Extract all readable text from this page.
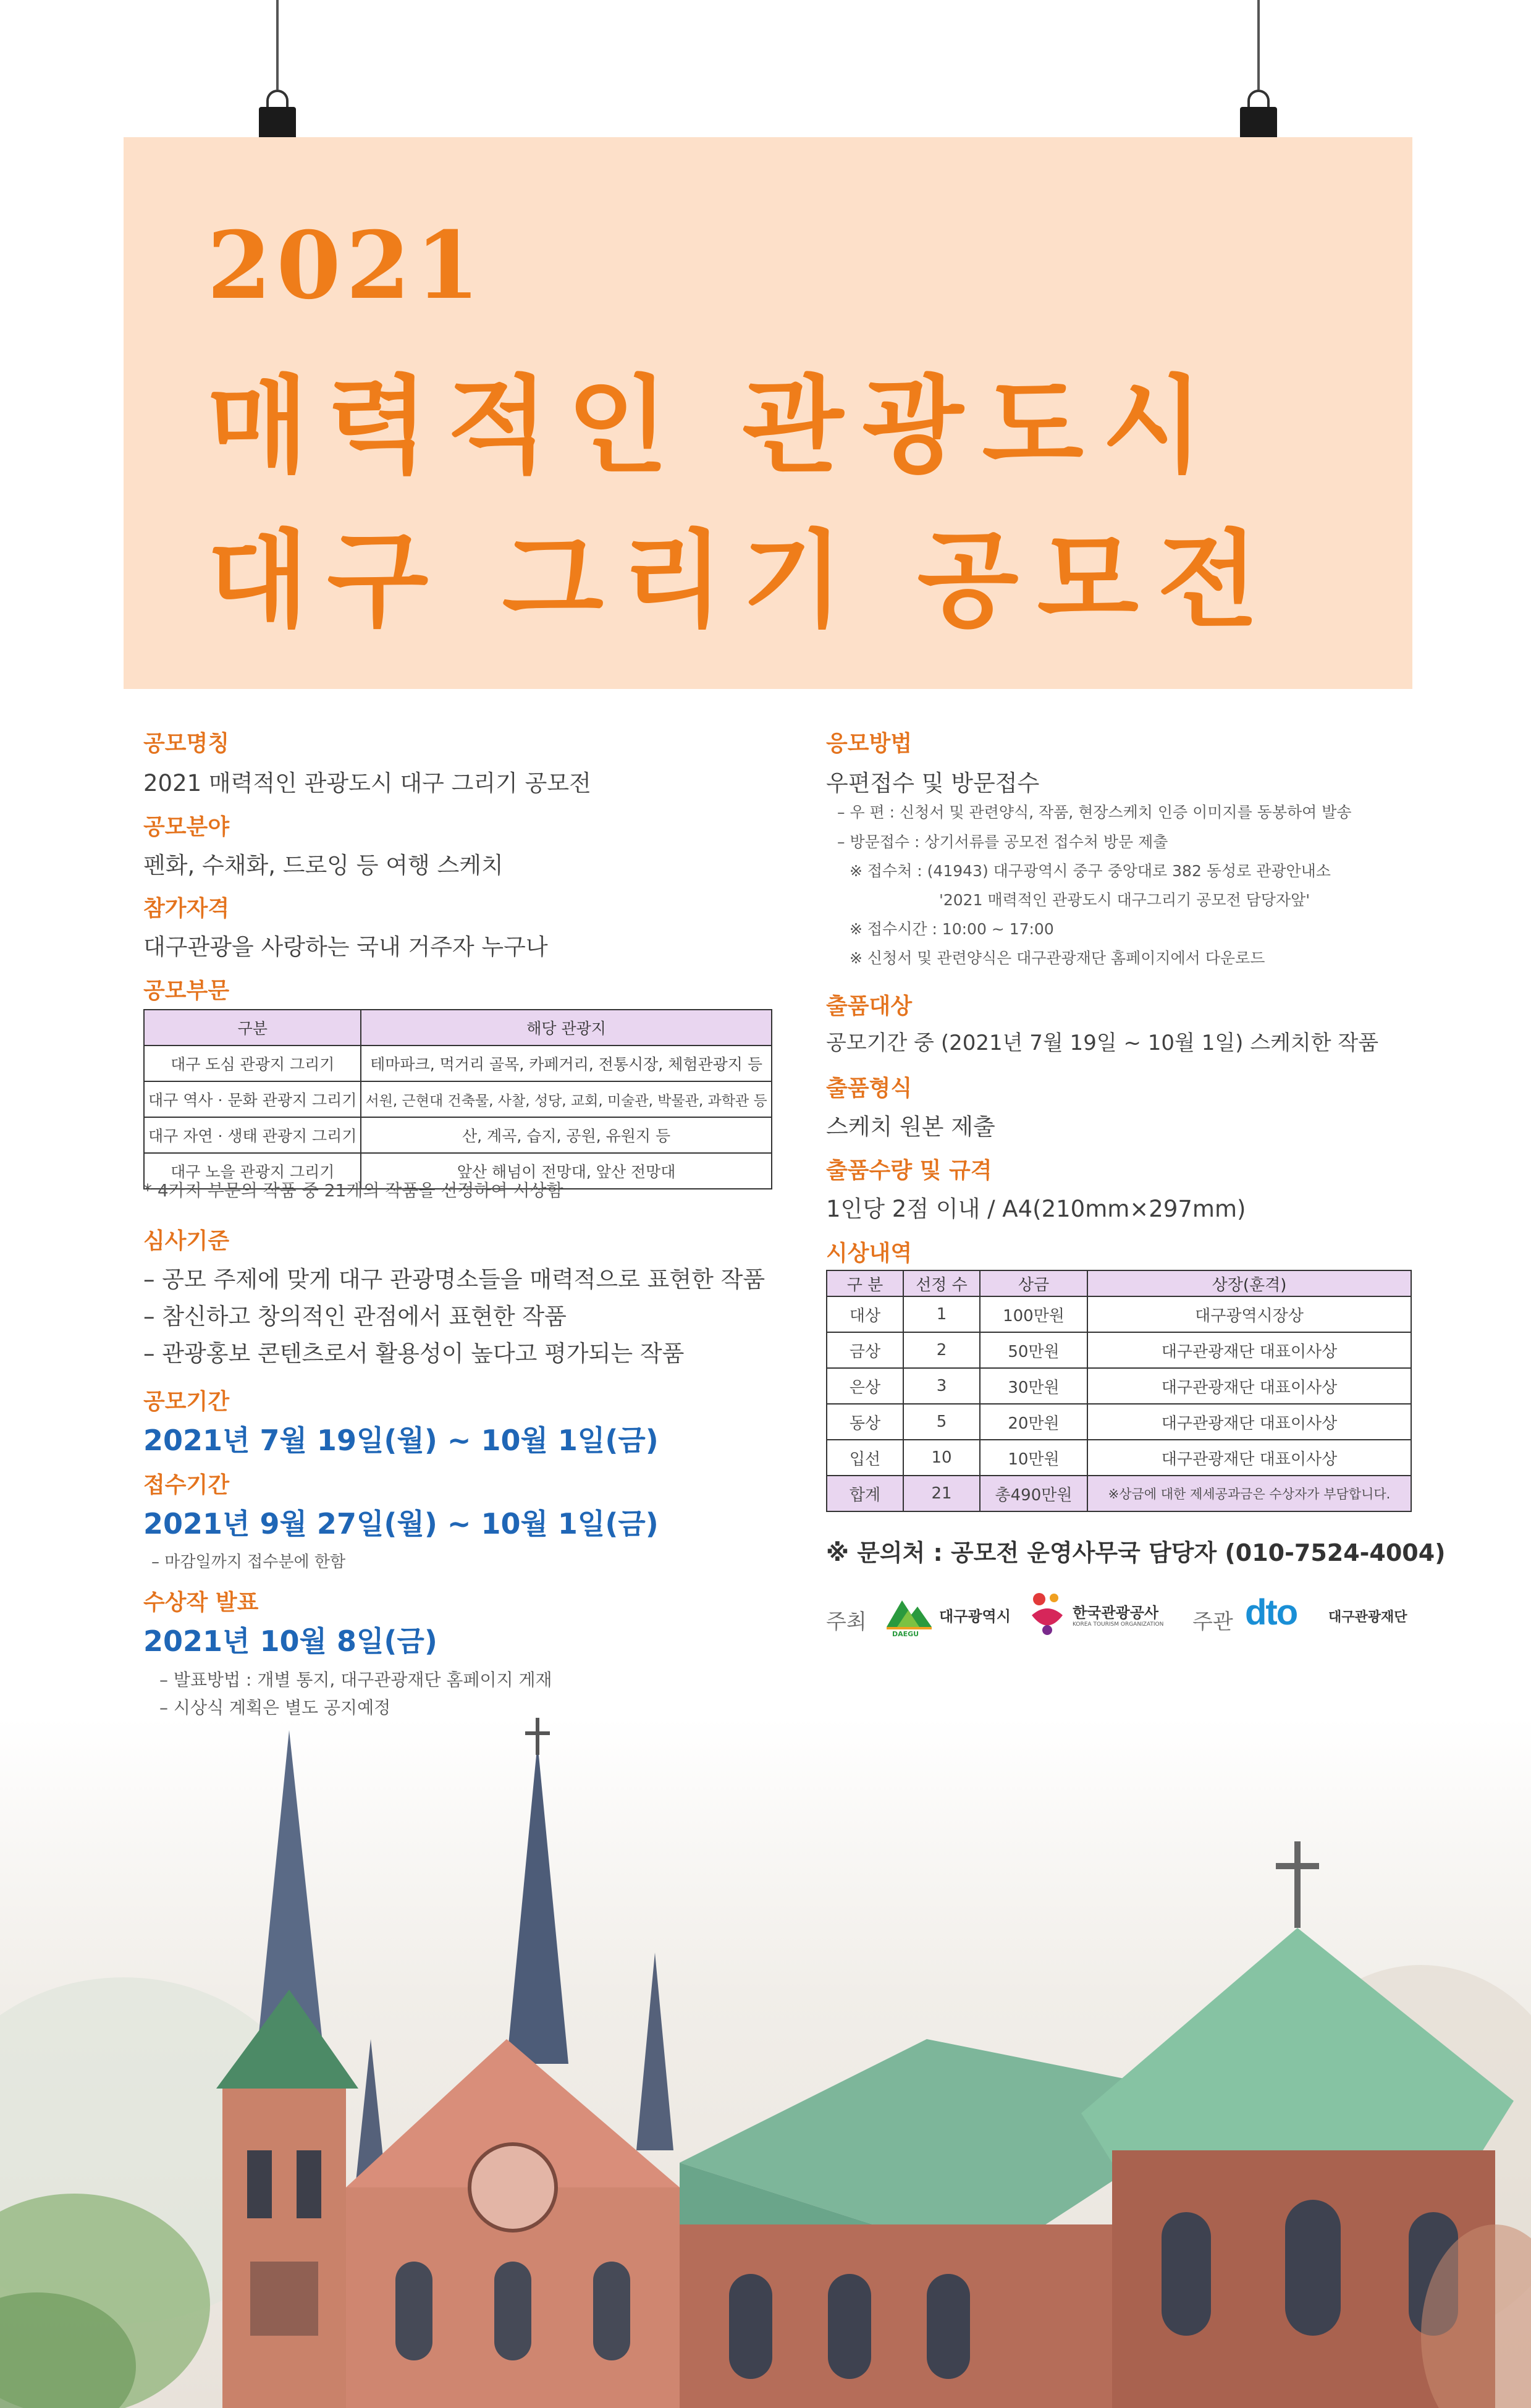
2021
매력적인 관광도시
대구 그리기 공모전
공모명칭
2021 매력적인 관광도시 대구 그리기 공모전
공모분야
펜화, 수채화, 드로잉 등 여행 스케치
참가자격
대구관광을 사랑하는 국내 거주자 누구나
공모부문
구분	해당 관광지
대구 도심 관광지 그리기	테마파크, 먹거리 골목, 카페거리, 전통시장, 체험관광지 등
대구 역사 · 문화 관광지 그리기	서원, 근현대 건축물, 사찰, 성당, 교회, 미술관, 박물관, 과학관 등
대구 자연 · 생태 관광지 그리기	산, 계곡, 습지, 공원, 유원지 등
대구 노을 관광지 그리기	앞산 해넘이 전망대, 앞산 전망대
* 4가지 부문의 작품 중 21개의 작품을 선정하여 시상함
심사기준
– 공모 주제에 맞게 대구 관광명소들을 매력적으로 표현한 작품
– 참신하고 창의적인 관점에서 표현한 작품
– 관광홍보 콘텐츠로서 활용성이 높다고 평가되는 작품
공모기간
2021년 7월 19일(월) ~ 10월 1일(금)
접수기간
2021년 9월 27일(월) ~ 10월 1일(금)
– 마감일까지 접수분에 한함
수상작 발표
2021년 10월 8일(금)
– 발표방법 : 개별 통지, 대구관광재단 홈페이지 게재
– 시상식 계획은 별도 공지예정
응모방법
우편접수 및 방문접수
– 우 편 : 신청서 및 관련양식, 작품, 현장스케치 인증 이미지를 동봉하여 발송
– 방문접수 : 상기서류를 공모전 접수처 방문 제출
※ 접수처 : (41943) 대구광역시 중구 중앙대로 382 동성로 관광안내소
'2021 매력적인 관광도시 대구그리기 공모전 담당자앞'
※ 접수시간 : 10:00 ~ 17:00
※ 신청서 및 관련양식은 대구관광재단 홈페이지에서 다운로드
출품대상
공모기간 중 (2021년 7월 19일 ~ 10월 1일) 스케치한 작품
출품형식
스케치 원본 제출
출품수량 및 규격
1인당 2점 이내 / A4(210mm×297mm)
시상내역
구 분	선정 수	상금	상장(훈격)
대상	1	100만원	대구광역시장상
금상	2	50만원	대구관광재단 대표이사상
은상	3	30만원	대구관광재단 대표이사상
동상	5	20만원	대구관광재단 대표이사상
입선	10	10만원	대구관광재단 대표이사상
합계	21	총490만원	※상금에 대한 제세공과금은 수상자가 부담합니다.
※ 문의처 : 공모전 운영사무국 담당자 (010-7524-4004)
주최	DAEGU
대구광역시	한국관광공사
KOREA TOURISM ORGANIZATION 주관 dto 대구관광재단
